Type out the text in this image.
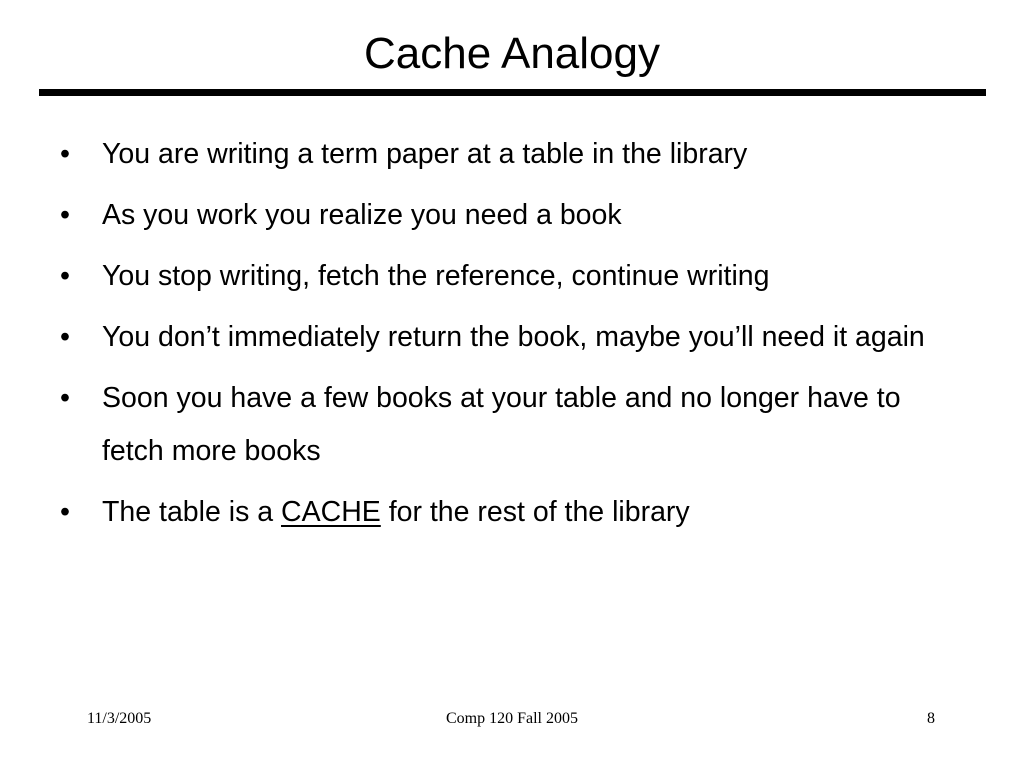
Cache Analogy
•	You are writing a term paper at a table in the library
•	As you work you realize you need a book
•	You stop writing, fetch the reference, continue writing
•	You don’t immediately return the book, maybe you’ll need it again
•	Soon you have a few books at your table and no longer have to fetch more books
•	The table is a CACHE for the rest of the library
11/3/2005	Comp 120 Fall 2005	8
